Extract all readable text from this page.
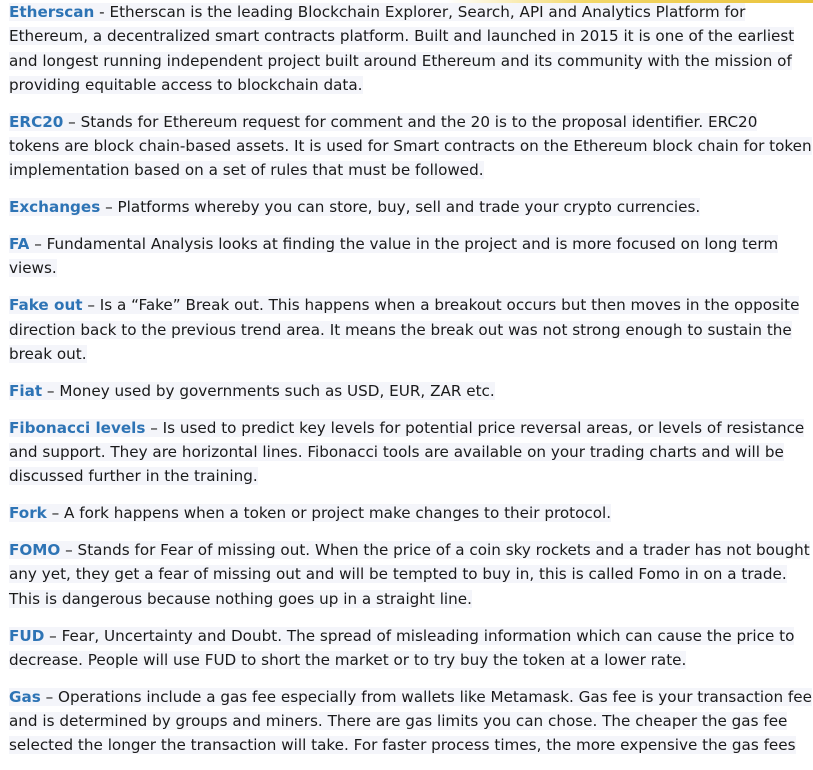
Etherscan - Etherscan is the leading Blockchain Explorer, Search, API and Analytics Platform for
Ethereum, a decentralized smart contracts platform. Built and launched in 2015 it is one of the earliest
and longest running independent project built around Ethereum and its community with the mission of
providing equitable access to blockchain data.
ERC20 – Stands for Ethereum request for comment and the 20 is to the proposal identifier. ERC20
tokens are block chain-based assets. It is used for Smart contracts on the Ethereum block chain for token
implementation based on a set of rules that must be followed.
Exchanges – Platforms whereby you can store, buy, sell and trade your crypto currencies.
FA – Fundamental Analysis looks at finding the value in the project and is more focused on long term
views.
Fake out – Is a “Fake” Break out. This happens when a breakout occurs but then moves in the opposite
direction back to the previous trend area. It means the break out was not strong enough to sustain the
break out.
Fiat – Money used by governments such as USD, EUR, ZAR etc.
Fibonacci levels – Is used to predict key levels for potential price reversal areas, or levels of resistance
and support. They are horizontal lines. Fibonacci tools are available on your trading charts and will be
discussed further in the training.
Fork – A fork happens when a token or project make changes to their protocol.
FOMO – Stands for Fear of missing out. When the price of a coin sky rockets and a trader has not bought
any yet, they get a fear of missing out and will be tempted to buy in, this is called Fomo in on a trade.
This is dangerous because nothing goes up in a straight line.
FUD – Fear, Uncertainty and Doubt. The spread of misleading information which can cause the price to
decrease. People will use FUD to short the market or to try buy the token at a lower rate.
Gas – Operations include a gas fee especially from wallets like Metamask. Gas fee is your transaction fee
and is determined by groups and miners. There are gas limits you can chose. The cheaper the gas fee
selected the longer the transaction will take. For faster process times, the more expensive the gas fees
